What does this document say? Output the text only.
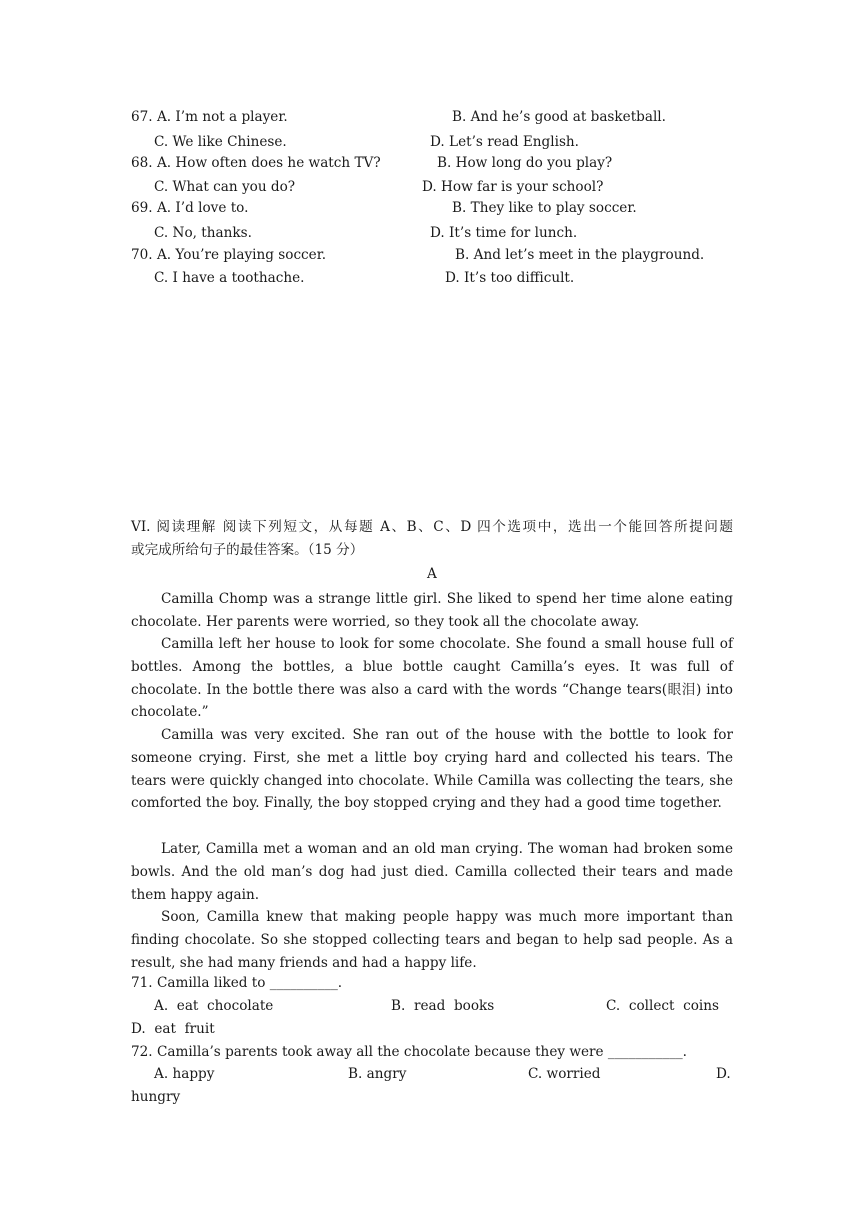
67. A. I’m not a player.	B. And he’s good at basketball.
C. We like Chinese.	D. Let’s read English.
68. A. How often does he watch TV?	B. How long do you play?
C. What can you do?	D. How far is your school?
69. A. I’d love to.	B. They like to play soccer.
C. No, thanks.	D. It’s time for lunch.
70. A. You’re playing soccer.	B. And let’s meet in the playground.
C. I have a toothache.	D. It’s too difficult.
VI. 阅读理解 阅读下列短文，从每题 A、B、C、D 四个选项中，选出一个能回答所提问题
或完成所给句子的最佳答案。（15 分）
A
Camilla Chomp was a strange little girl. She liked to spend her time alone eating chocolate. Her parents were worried, so they took all the chocolate away.
Camilla left her house to look for some chocolate. She found a small house full of bottles. Among the bottles, a blue bottle caught Camilla’s eyes. It was full of chocolate. In the bottle there was also a card with the words “Change tears(眼泪) into chocolate.”
Camilla was very excited. She ran out of the house with the bottle to look for someone crying. First, she met a little boy crying hard and collected his tears. The tears were quickly changed into chocolate. While Camilla was collecting the tears, she comforted the boy. Finally, the boy stopped crying and they had a good time together.
Later, Camilla met a woman and an old man crying. The woman had broken some bowls. And the old man’s dog had just died. Camilla collected their tears and made them happy again.
Soon, Camilla knew that making people happy was much more important than finding chocolate. So she stopped collecting tears and began to help sad people. As a result, she had many friends and had a happy life.
71. Camilla liked to __________.
A.  eat  chocolate	B.  read  books	C.  collect  coins
D.  eat  fruit
72. Camilla’s parents took away all the chocolate because they were ___________.
A. happy	B. angry	C. worried	D.
hungry
